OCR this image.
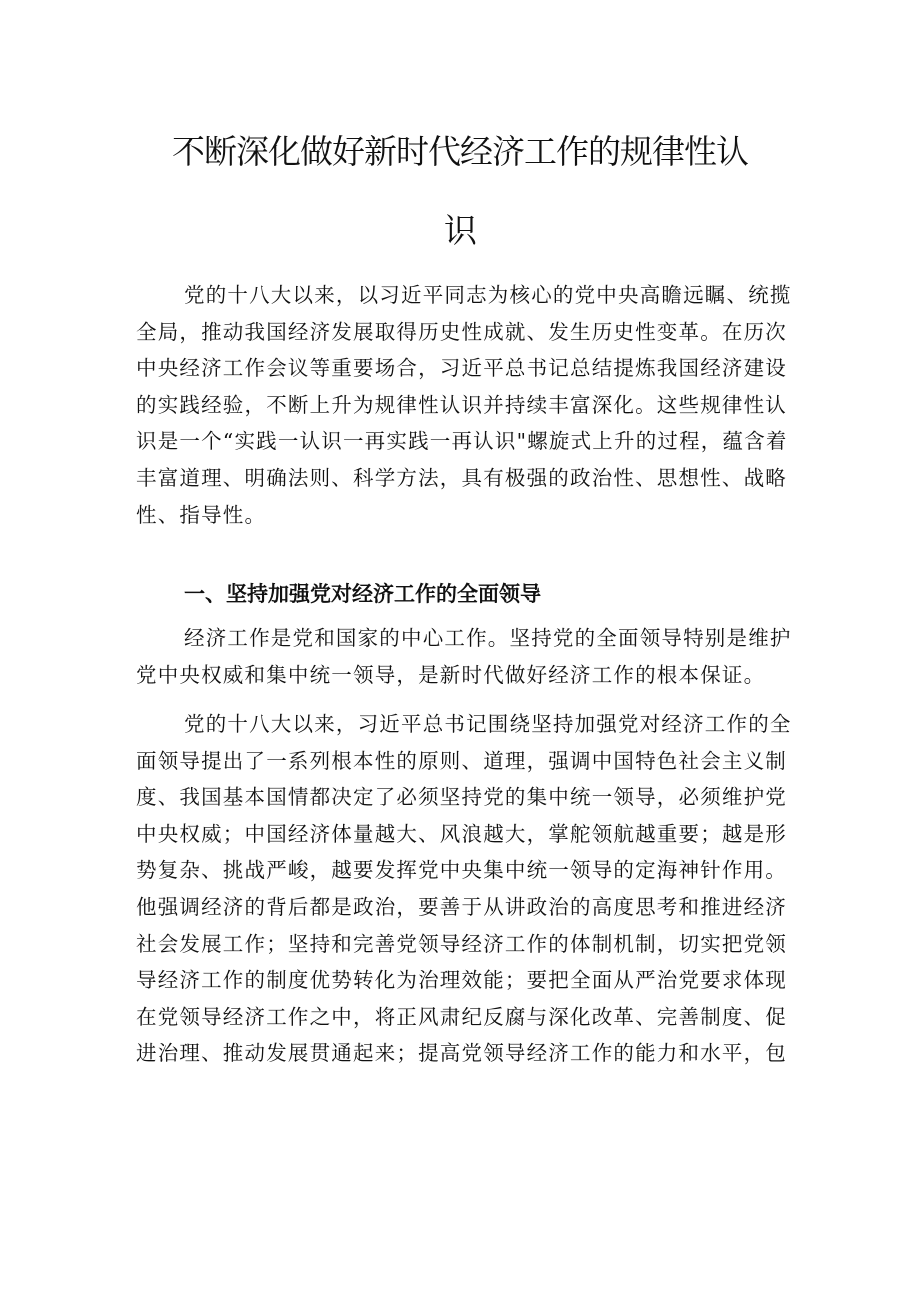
不断深化做好新时代经济工作的规律性认
识
党的十八大以来，以习近平同志为核心的党中央高瞻远瞩、统揽
全局，推动我国经济发展取得历史性成就、发生历史性变革。在历次
中央经济工作会议等重要场合，习近平总书记总结提炼我国经济建设
的实践经验，不断上升为规律性认识并持续丰富深化。这些规律性认
识是一个“实践一认识一再实践一再认识"螺旋式上升的过程，蕴含着
丰富道理、明确法则、科学方法，具有极强的政治性、思想性、战略
性、指导性。
一、坚持加强党对经济工作的全面领导
经济工作是党和国家的中心工作。坚持党的全面领导特别是维护
党中央权威和集中统一领导，是新时代做好经济工作的根本保证。
党的十八大以来，习近平总书记围绕坚持加强党对经济工作的全
面领导提出了一系列根本性的原则、道理，强调中国特色社会主义制
度、我国基本国情都决定了必须坚持党的集中统一领导，必须维护党
中央权威；中国经济体量越大、风浪越大，掌舵领航越重要；越是形
势复杂、挑战严峻，越要发挥党中央集中统一领导的定海神针作用。
他强调经济的背后都是政治，要善于从讲政治的高度思考和推进经济
社会发展工作；坚持和完善党领导经济工作的体制机制，切实把党领
导经济工作的制度优势转化为治理效能；要把全面从严治党要求体现
在党领导经济工作之中，将正风肃纪反腐与深化改革、完善制度、促
进治理、推动发展贯通起来；提高党领导经济工作的能力和水平，包
